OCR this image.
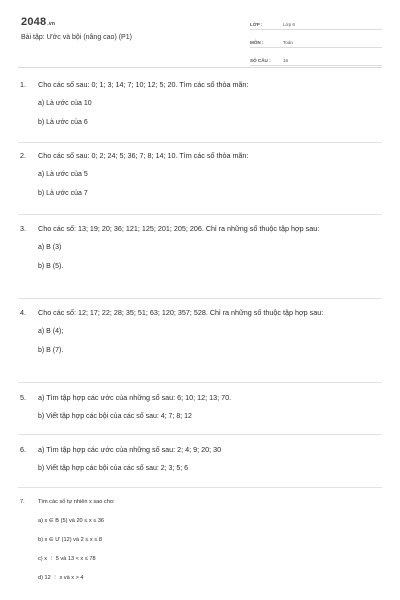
2048.vn
Bài tập: Ước và bội (nâng cao) (P1)
LỚP :	Lớp 6
MÔN :	Toán
SỐ CÂU :	16
1.	Cho các số sau: 0; 1; 3; 14; 7; 10; 12; 5; 20. Tìm các số thỏa mãn:
a) Là ước của 10
b) Là ước của 6
2.	Cho các số sau: 0; 2; 24; 5; 36; 7; 8; 14; 10. Tìm các số thỏa mãn:
a) Là ước của 5
b) Là ước của 7
3.	Cho các số: 13; 19; 20; 36; 121; 125; 201; 205; 206. Chỉ ra những số thuộc tập hợp sau:
a) B (3)
b) B (5).
4.	Cho các số: 12; 17; 22; 28; 35; 51; 63; 120; 357; 528. Chỉ ra những số thuộc tập hợp sau:
a) B (4);
b) B (7).
5.	a) Tìm tập hợp các ước của những số sau: 6; 10; 12; 13; 70.
b) Viết tập hợp các bội của các số sau: 4; 7; 8; 12
6.	a) Tìm tập hợp các ước của những số sau: 2; 4; 9; 20; 30
b) Viết tập hợp các bội của các số sau: 2; 3; 5; 6
7.	Tìm các số tự nhiên x sao cho:
a) x ∈ B (5) và 20 ≤ x ≤ 36
b) x ∈ Ư (12) và 2 ≤ x ≤ 8
c) x ⋮ 5 và 13 < x ≤ 78
d) 12 ⋮ x và x > 4
